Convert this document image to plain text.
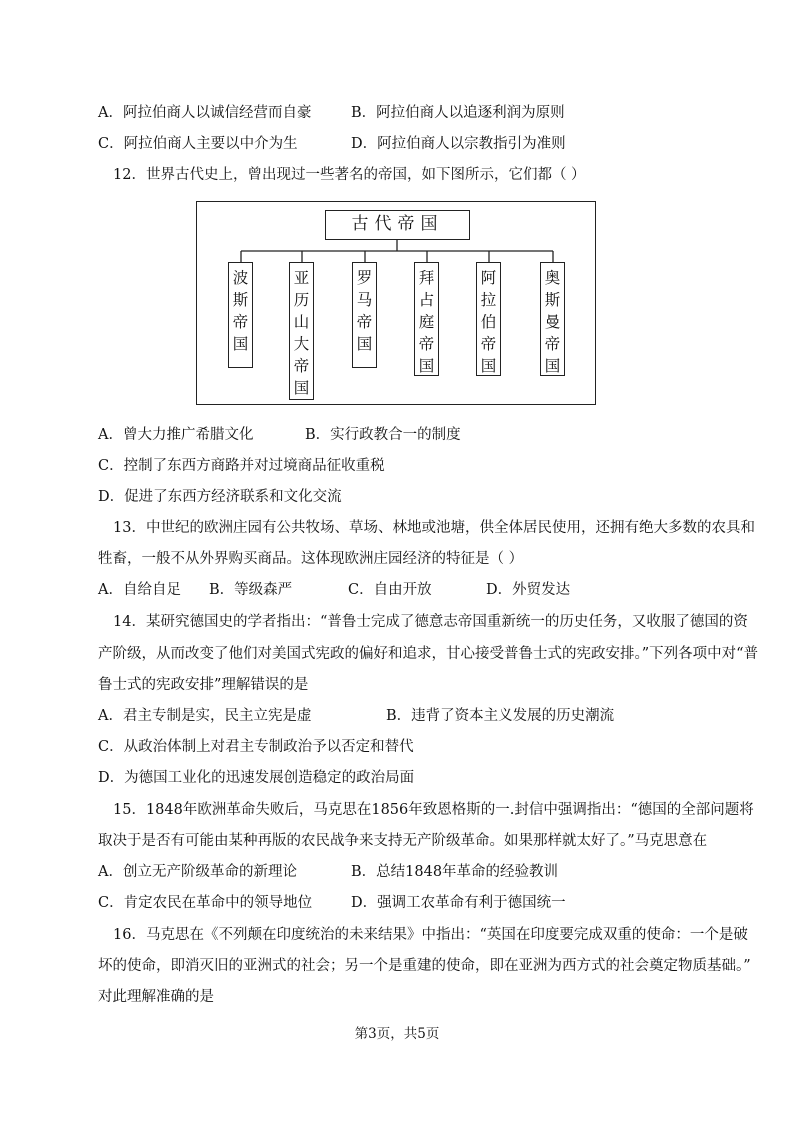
A．阿拉伯商人以诚信经营而自豪	B．阿拉伯商人以追逐利润为原则
C．阿拉伯商人主要以中介为生	D．阿拉伯商人以宗教指引为准则
12．世界古代史上，曾出现过一些著名的帝国，如下图所示，它们都（ ）
古代帝国
波斯帝国
亚历山大帝国
罗马帝国
拜占庭帝国
阿拉伯帝国
奥斯曼帝国
A．曾大力推广希腊文化	B．实行政教合一的制度
C．控制了东西方商路并对过境商品征收重税
D．促进了东西方经济联系和文化交流
13．中世纪的欧洲庄园有公共牧场、草场、林地或池塘，供全体居民使用，还拥有绝大多数的农具和
牲畜，一般不从外界购买商品。这体现欧洲庄园经济的特征是（ ）
A．自给自足 B．等级森严	C．自由开放	D．外贸发达
14．某研究德国史的学者指出：“普鲁士完成了德意志帝国重新统一的历史任务，又收服了德国的资
产阶级，从而改变了他们对美国式宪政的偏好和追求，甘心接受普鲁士式的宪政安排。”下列各项中对“普
鲁士式的宪政安排”理解错误的是
A．君主专制是实，民主立宪是虚	B．违背了资本主义发展的历史潮流
C．从政治体制上对君主专制政治予以否定和替代
D．为德国工业化的迅速发展创造稳定的政治局面
15．1848年欧洲革命失败后，马克思在1856年致恩格斯的一.封信中强调指出：“德国的全部问题将
取决于是否有可能由某种再版的农民战争来支持无产阶级革命。如果那样就太好了。”马克思意在
A．创立无产阶级革命的新理论	B．总结1848年革命的经验教训
C．肯定农民在革命中的领导地位	D．强调工农革命有利于德国统一
16．马克思在《不列颠在印度统治的未来结果》中指出：“英国在印度要完成双重的使命：一个是破
坏的使命，即消灭旧的亚洲式的社会；另一个是重建的使命，即在亚洲为西方式的社会奠定物质基础。”
对此理解准确的是
第3页，共5页
